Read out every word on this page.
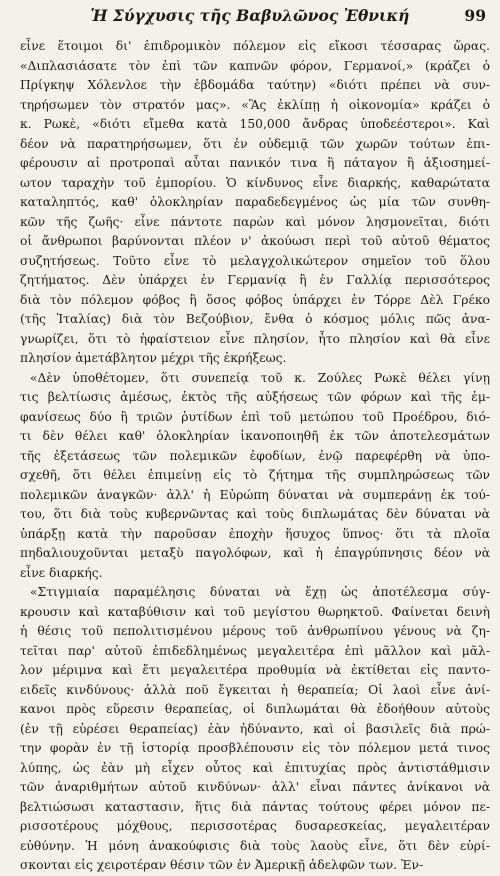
Ἡ Σύγχυσις τῆς Βαβυλῶνος Ἐθνική	99
εἶνε ἕτοιμοι δι' ἐπιδρομικὸν πόλεμον εἰς εἴκοσι τέσσαρας ὥρας.
«Διπλασιάσατε τὸν ἐπὶ τῶν καπνῶν φόρον, Γερμανοί,» (κράζει ὁ
Πρίγκηψ Χόλενλοε τὴν ἑβδομάδα ταύτην) «διότι πρέπει νὰ συν-
τηρήσωμεν τὸν στρατόν μας». «Ἂς ἐκλίπῃ ἡ οἰκονομία» κράζει ὁ
κ. Ρωκὲ, «διότι εἴμεθα κατὰ 150,000 ἄνδρας ὑποδεέστεροι». Καὶ
δέον νὰ παρατηρήσωμεν, ὅτι ἐν οὐδεμιᾷ τῶν χωρῶν τούτων ἐπι-
φέρουσιν αἱ προτροπαὶ αὗται πανικόν τινα ἢ πάταγον ἢ ἀξιοσημεί-
ωτον ταραχὴν τοῦ ἐμπορίου. Ὁ κίνδυνος εἶνε διαρκής, καθαρώτατα
καταληπτός, καθ' ὁλοκληρίαν παραδεδεγμένος ὡς μία τῶν συνθη-
κῶν τῆς ζωῆς· εἶνε πάντοτε παρὼν καὶ μόνον λησμονεῖται, διότι
οἱ ἄνθρωποι βαρύνονται πλέον ν' ἀκούωσι περὶ τοῦ αὐτοῦ θέματος
συζητήσεως. Τοῦτο εἶνε τὸ μελαγχολικώτερον σημεῖον τοῦ ὅλου
ζητήματος. Δὲν ὑπάρχει ἐν Γερμανίᾳ ἢ ἐν Γαλλίᾳ περισσότερος
διὰ τὸν πόλεμον φόβος ἢ ὅσος φόβος ὑπάρχει ἐν Τόρρε Δὲλ Γρέκο
(τῆς Ἰταλίας) διὰ τὸν Βεζούβιον, ἔνθα ὁ κόσμος μόλις πῶς ἀνα-
γνωρίζει, ὅτι τὸ ἡφαίστειον εἶνε πλησίον, ἦτο πλησίον καὶ θὰ εἶνε
πλησίον ἀμετάβλητον μέχρι τῆς ἐκρήξεως.
«Δὲν ὑποθέτομεν, ὅτι συνεπείᾳ τοῦ κ. Ζούλες Ρωκὲ θέλει γίνῃ
τις βελτίωσις ἀμέσως, ἐκτὸς τῆς αὐξήσεως τῶν φόρων καὶ τῆς ἐμ-
φανίσεως δύο ἢ τριῶν ῥυτίδων ἐπὶ τοῦ μετώπου τοῦ Προέδρου, διό-
τι δὲν θέλει καθ' ὁλοκληρίαν ἱκανοποιηθῆ ἐκ τῶν ἀποτελεσμάτων
τῆς ἐξετάσεως τῶν πολεμικῶν ἐφοδίων, ἐνῷ παρεφέρθη νὰ ὑπο-
σχεθῆ, ὅτι θέλει ἐπιμείνῃ εἰς τὸ ζήτημα τῆς συμπληρώσεως τῶν
πολεμικῶν ἀναγκῶν· ἀλλ' ἡ Εὐρώπη δύναται νὰ συμπεράνῃ ἐκ τού-
του, ὅτι διὰ τοὺς κυβερνῶντας καὶ τοὺς διπλωμάτας δὲν δύναται νὰ
ὑπάρξῃ κατὰ τὴν παροῦσαν ἐποχὴν ἥσυχος ὕπνος· ὅτι τὰ πλοῖα
πηδαλιουχοῦνται μεταξὺ παγολόφων, καὶ ἡ ἐπαγρύπνησις δέον νὰ
εἶνε διαρκής.
«Στιγμιαία παραμέλησις δύναται νὰ ἔχῃ ὡς ἀποτέλεσμα σύγ-
κρουσιν καὶ καταβύθισιν καὶ τοῦ μεγίστου θωρηκτοῦ. Φαίνεται δεινὴ
ἡ θέσις τοῦ πεπολιτισμένου μέρους τοῦ ἀνθρωπίνου γένους νὰ ζη-
τεῖται παρ' αὐτοῦ ἐπιδεδλημένως μεγαλειτέρα ἐπὶ μᾶλλον καὶ μᾶλ-
λον μέριμνα καὶ ἔτι μεγαλειτέρα προθυμία νὰ ἐκτίθεται εἰς παντο-
ειδεῖς κινδύνους· ἀλλὰ ποῦ ἔγκειται ἡ θεραπεία; Οἱ λαοὶ εἶνε ἀνί-
κανοι πρὸς εὕρεσιν θεραπείας, οἱ διπλωμάται θὰ ἐδοήθουν αὐτοὺς
(ἐν τῇ εὑρέσει θεραπείας) ἐὰν ἠδύναντο, καὶ οἱ βασιλεῖς διὰ πρώ-
την φορὰν ἐν τῇ ἱστορίᾳ προσβλέπουσιν εἰς τὸν πόλεμον μετά τινος
λύπης, ὡς ἐὰν μὴ εἶχεν οὗτος καὶ ἐπιτυχίας πρὸς ἀντιστάθμισιν
τῶν ἀναριθμήτων αὐτοῦ κινδύνων· ἀλλ' εἶναι πάντες ἀνίκανοι νὰ
βελτιώσωσι καταστασιν, ἥτις διὰ πάντας τούτους φέρει μόνον πε-
ρισσοτέρους μόχθους, περισσοτέρας δυσαρεσκείας, μεγαλειτέραν
εὐθύνην. Ἡ μόνη ἀνακούφισις διὰ τοὺς λαοὺς εἶνε, ὅτι δὲν εὑρί-
σκονται εἰς χειροτέραν θέσιν τῶν ἐν Ἀμερικῇ ἀδελφῶν των. Ἐν-
